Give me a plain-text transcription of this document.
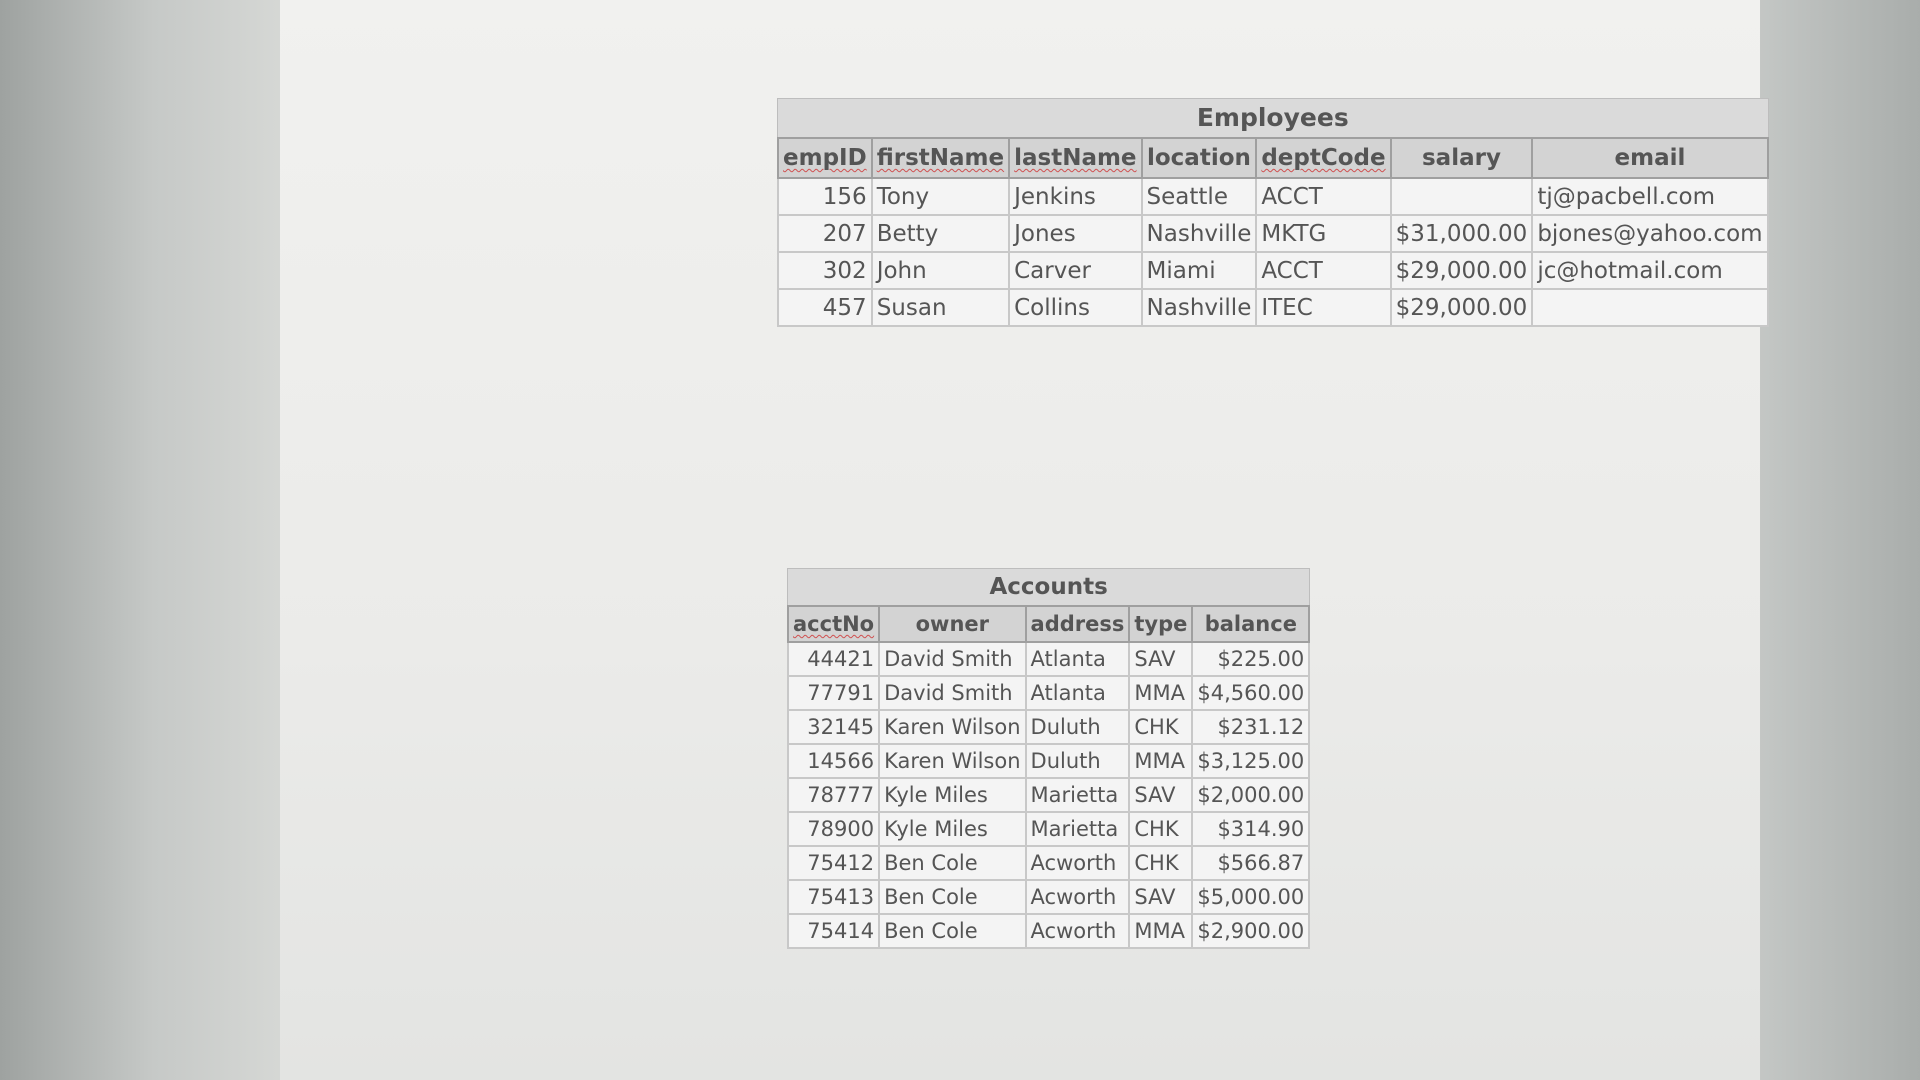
Employees
empID	firstName	lastName	location	deptCode	salary	email
156	Tony	Jenkins	Seattle	ACCT		tj@pacbell.com
207	Betty	Jones	Nashville	MKTG	$31,000.00	bjones@yahoo.com
302	John	Carver	Miami	ACCT	$29,000.00	jc@hotmail.com
457	Susan	Collins	Nashville	ITEC	$29,000.00	
Accounts
acctNo	owner	address	type	balance
44421	David Smith	Atlanta	SAV	$225.00
77791	David Smith	Atlanta	MMA	$4,560.00
32145	Karen Wilson	Duluth	CHK	$231.12
14566	Karen Wilson	Duluth	MMA	$3,125.00
78777	Kyle Miles	Marietta	SAV	$2,000.00
78900	Kyle Miles	Marietta	CHK	$314.90
75412	Ben Cole	Acworth	CHK	$566.87
75413	Ben Cole	Acworth	SAV	$5,000.00
75414	Ben Cole	Acworth	MMA	$2,900.00
